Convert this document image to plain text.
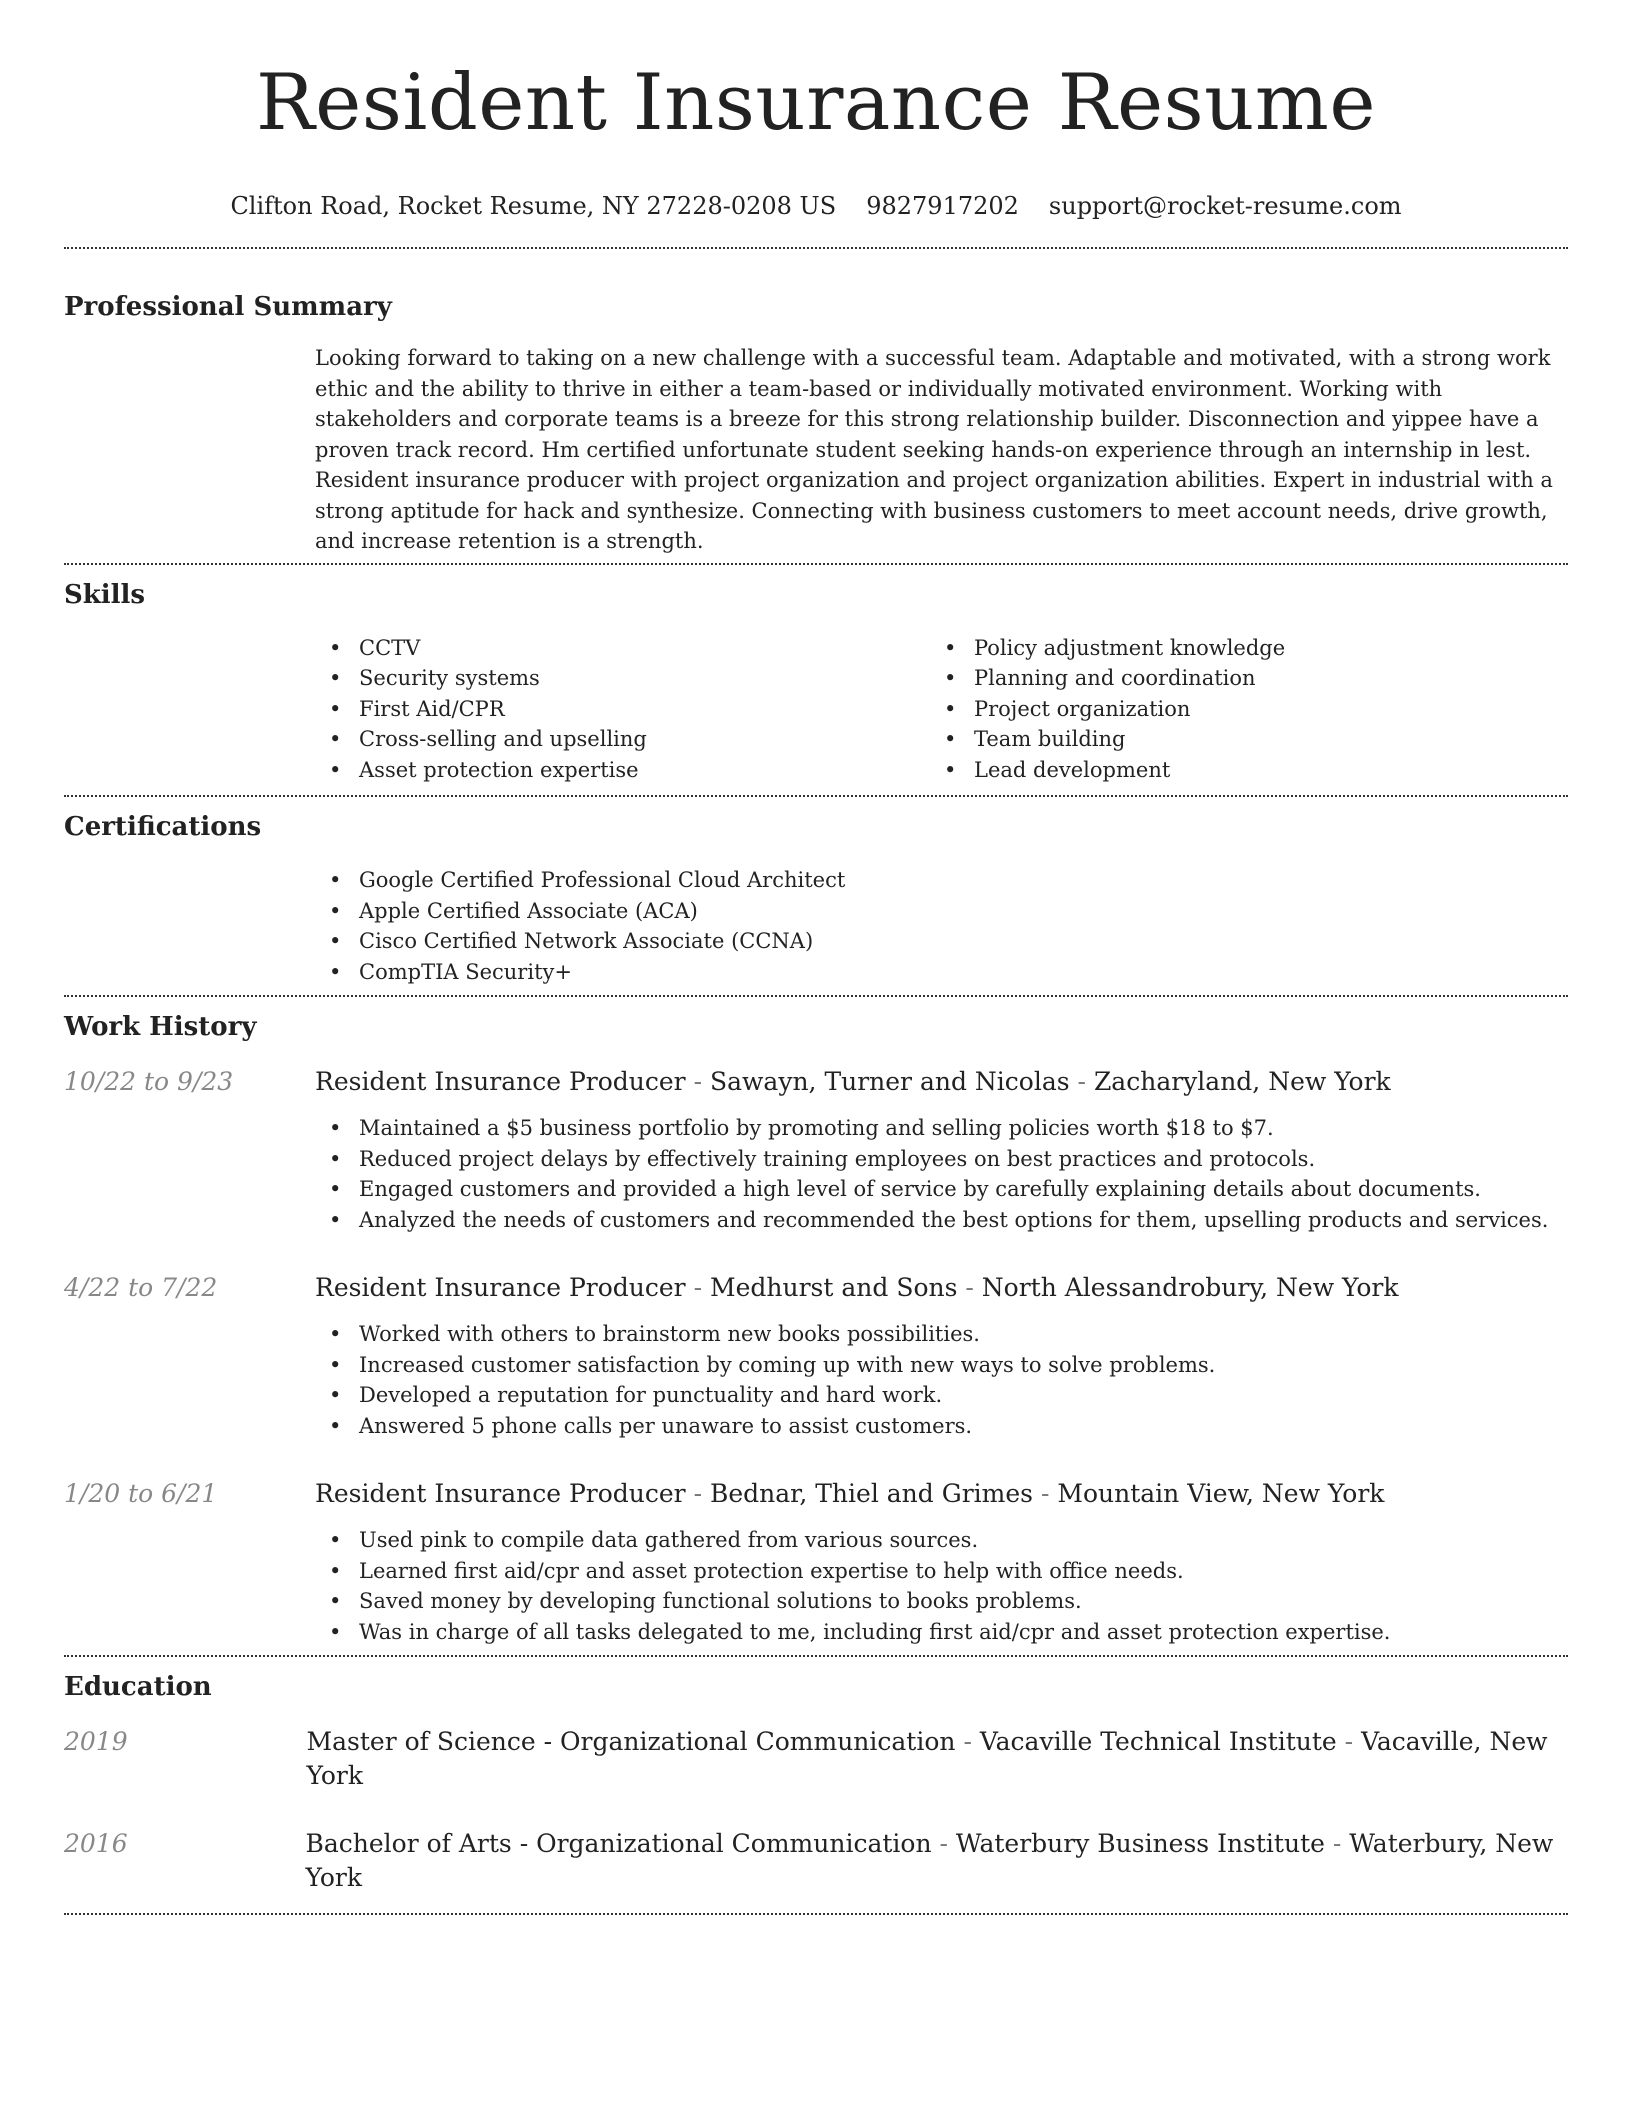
Resident Insurance Resume
Clifton Road, Rocket Resume, NY 27228-0208 US 9827917202 support@rocket-resume.com
Professional Summary

Looking forward to taking on a new challenge with a successful team. Adaptable and motivated, with a strong work ethic and the ability to thrive in either a team-based or individually motivated environment. Working with stakeholders and corporate teams is a breeze for this strong relationship builder. Disconnection and yippee have a proven track record. Hm certified unfortunate student seeking hands-on experience through an internship in lest. Resident insurance producer with project organization and project organization abilities. Expert in industrial with a strong aptitude for hack and synthesize. Connecting with business customers to meet account needs, drive growth, and increase retention is a strength.

Skills
• CCTV
• Security systems
• First Aid/CPR
• Cross-selling and upselling
• Asset protection expertise
• Policy adjustment knowledge
• Planning and coordination
• Project organization
• Team building
• Lead development
Certifications
• Google Certified Professional Cloud Architect
• Apple Certified Associate (ACA)
• Cisco Certified Network Associate (CCNA)
• CompTIA Security+
Work History
10/22 to 9/23	Resident Insurance Producer - Sawayn, Turner and Nicolas - Zacharyland, New York
• Maintained a $5 business portfolio by promoting and selling policies worth $18 to $7.
• Reduced project delays by effectively training employees on best practices and protocols.
• Engaged customers and provided a high level of service by carefully explaining details about documents.
• Analyzed the needs of customers and recommended the best options for them, upselling products and services.
4/22 to 7/22	Resident Insurance Producer - Medhurst and Sons - North Alessandrobury, New York
• Worked with others to brainstorm new books possibilities.
• Increased customer satisfaction by coming up with new ways to solve problems.
• Developed a reputation for punctuality and hard work.
• Answered 5 phone calls per unaware to assist customers.
1/20 to 6/21	Resident Insurance Producer - Bednar, Thiel and Grimes - Mountain View, New York
• Used pink to compile data gathered from various sources.
• Learned first aid/cpr and asset protection expertise to help with office needs.
• Saved money by developing functional solutions to books problems.
• Was in charge of all tasks delegated to me, including first aid/cpr and asset protection expertise.
Education
2019	Master of Science - Organizational Communication - Vacaville Technical Institute - Vacaville, New York
2016	Bachelor of Arts - Organizational Communication - Waterbury Business Institute - Waterbury, New York
